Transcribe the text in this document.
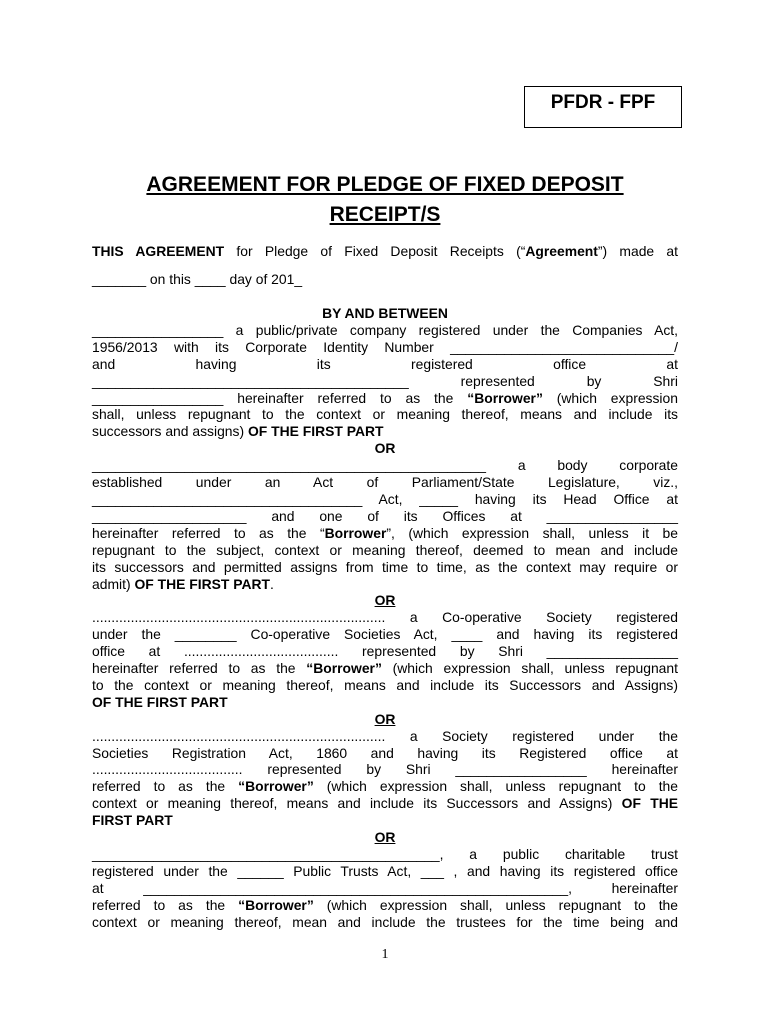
PFDR - FPF
AGREEMENT FOR PLEDGE OF FIXED DEPOSIT RECEIPT/S

THIS AGREEMENT for Pledge of Fixed Deposit Receipts (“Agreement”) made at

_______ on this ____ day of 201_

BY AND BETWEEN

_________________ a public/private company registered under the Companies Act,

1956/2013 with its Corporate Identity Number _____________________________/

and having its registered office at

_________________________________________ represented by Shri

_________________ hereinafter referred to as the “Borrower” (which expression

shall, unless repugnant to the context or meaning thereof, means and include its

successors and assigns) OF THE FIRST PART

OR

___________________________________________________ a body corporate

established under an Act of Parliament/State Legislature, viz.,

___________________________________ Act, _____ having its Head Office at

____________________ and one of its Offices at _________________

hereinafter referred to as the “Borrower”, (which expression shall, unless it be

repugnant to the subject, context or meaning thereof, deemed to mean and include

its successors and permitted assigns from time to time, as the context may require or

admit) OF THE FIRST PART.

OR

............................................................................ a Co-operative Society registered

under the ________ Co-operative Societies Act, ____ and having its registered

office at ........................................ represented by Shri _________________

hereinafter referred to as the “Borrower” (which expression shall, unless repugnant

to the context or meaning thereof, means and include its Successors and Assigns)

OF THE FIRST PART

OR

............................................................................ a Society registered under the

Societies Registration Act, 1860 and having its Registered office at

....................................... represented by Shri _________________ hereinafter

referred to as the “Borrower” (which expression shall, unless repugnant to the

context or meaning thereof, means and include its Successors and Assigns) OF THE

FIRST PART

OR

_____________________________________________, a public charitable trust

registered under the ______ Public Trusts Act, ___ , and having its registered office

at _______________________________________________________, hereinafter

referred to as the “Borrower” (which expression shall, unless repugnant to the

context or meaning thereof, mean and include the trustees for the time being and

1
